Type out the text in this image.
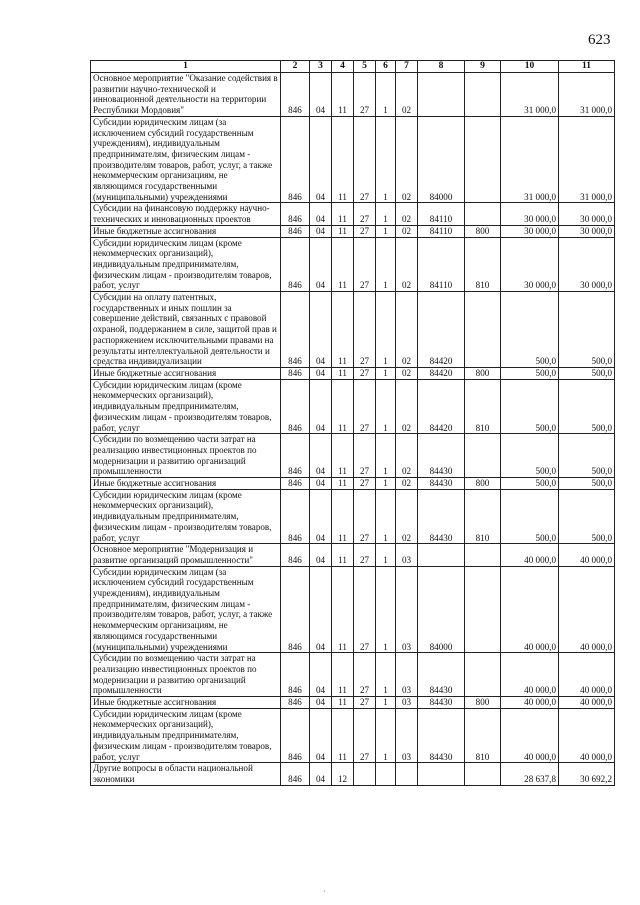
623
1	2	3	4	5	6	7	8	9	10	11
Основное мероприятие "Оказание содействия в развитии научно-технической и инновационной деятельности на территории Республики Мордовия"	846	04	11	27	1	02			31 000,0	31 000,0
Субсидии юридическим лицам (за исключением субсидий государственным учреждениям), индивидуальным предпринимателям, физическим лицам - производителям товаров, работ, услуг, а также некоммерческим организациям, не являющимся государственными (муниципальными) учреждениями	846	04	11	27	1	02	84000		31 000,0	31 000,0
Субсидии на финансовую поддержку научно-технических и инновационных проектов	846	04	11	27	1	02	84110		30 000,0	30 000,0
Иные бюджетные ассигнования	846	04	11	27	1	02	84110	800	30 000,0	30 000,0
Субсидии юридическим лицам (кроме некоммерческих организаций), индивидуальным предпринимателям, физическим лицам - производителям товаров, работ, услуг	846	04	11	27	1	02	84110	810	30 000,0	30 000,0
Субсидии на оплату патентных, государственных и иных пошлин за совершение действий, связанных с правовой охраной, поддержанием в силе, защитой прав и распоряжением исключительными правами на результаты интеллектуальной деятельности и средства индивидуализации	846	04	11	27	1	02	84420		500,0	500,0
Иные бюджетные ассигнования	846	04	11	27	1	02	84420	800	500,0	500,0
Субсидии юридическим лицам (кроме некоммерческих организаций), индивидуальным предпринимателям, физическим лицам - производителям товаров, работ, услуг	846	04	11	27	1	02	84420	810	500,0	500,0
Субсидии по возмещению части затрат на реализацию инвестиционных проектов по модернизации и развитию организаций промышленности	846	04	11	27	1	02	84430		500,0	500,0
Иные бюджетные ассигнования	846	04	11	27	1	02	84430	800	500,0	500,0
Субсидии юридическим лицам (кроме некоммерческих организаций), индивидуальным предпринимателям, физическим лицам - производителям товаров, работ, услуг	846	04	11	27	1	02	84430	810	500,0	500,0
Основное мероприятие "Модернизация и развитие организаций промышленности"	846	04	11	27	1	03			40 000,0	40 000,0
Субсидии юридическим лицам (за исключением субсидий государственным учреждениям), индивидуальным предпринимателям, физическим лицам - производителям товаров, работ, услуг, а также некоммерческим организациям, не являющимся государственными (муниципальными) учреждениями	846	04	11	27	1	03	84000		40 000,0	40 000,0
Субсидии по возмещению части затрат на реализацию инвестиционных проектов по модернизации и развитию организаций промышленности	846	04	11	27	1	03	84430		40 000,0	40 000,0
Иные бюджетные ассигнования	846	04	11	27	1	03	84430	800	40 000,0	40 000,0
Субсидии юридическим лицам (кроме некоммерческих организаций), индивидуальным предпринимателям, физическим лицам - производителям товаров, работ, услуг	846	04	11	27	1	03	84430	810	40 000,0	40 000,0
Другие вопросы в области национальной экономики	846	04	12						28 637,8	30 692,2
·
